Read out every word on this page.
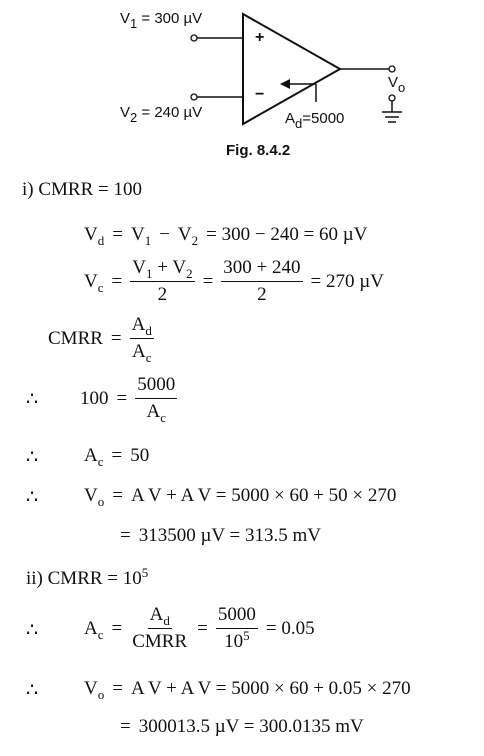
$V_1 = 300$ µV
+
−
$V_2 = 240$ µV
$V_o$
$A_d=5000$
Fig. 8.4.2
i) CMRR = 100
$V_d = V_1 - V_2 = 300 - 240 = 60$ µV
$V_c = \frac{V_1 + V_2}{2} = \frac{300 + 240}{2} = 270$ µV
CMRR = $\frac{A_d}{A_c}$
∴ $100 = \frac{5000}{A_c}$
∴ $A_c = 50$
∴ $V_o = A$ V + A V = 5000 × 60 + 50 × 270
= 313500 µV = 313.5 mV
ii) CMRR = $10^5$
∴ $A_c = \frac{A_d}{\text{CMRR}} = \frac{5000}{10^5} = 0.05$
∴ $V_o = A$ V + A V = 5000 × 60 + 0.05 × 270
= 300013.5 µV = 300.0135 mV
